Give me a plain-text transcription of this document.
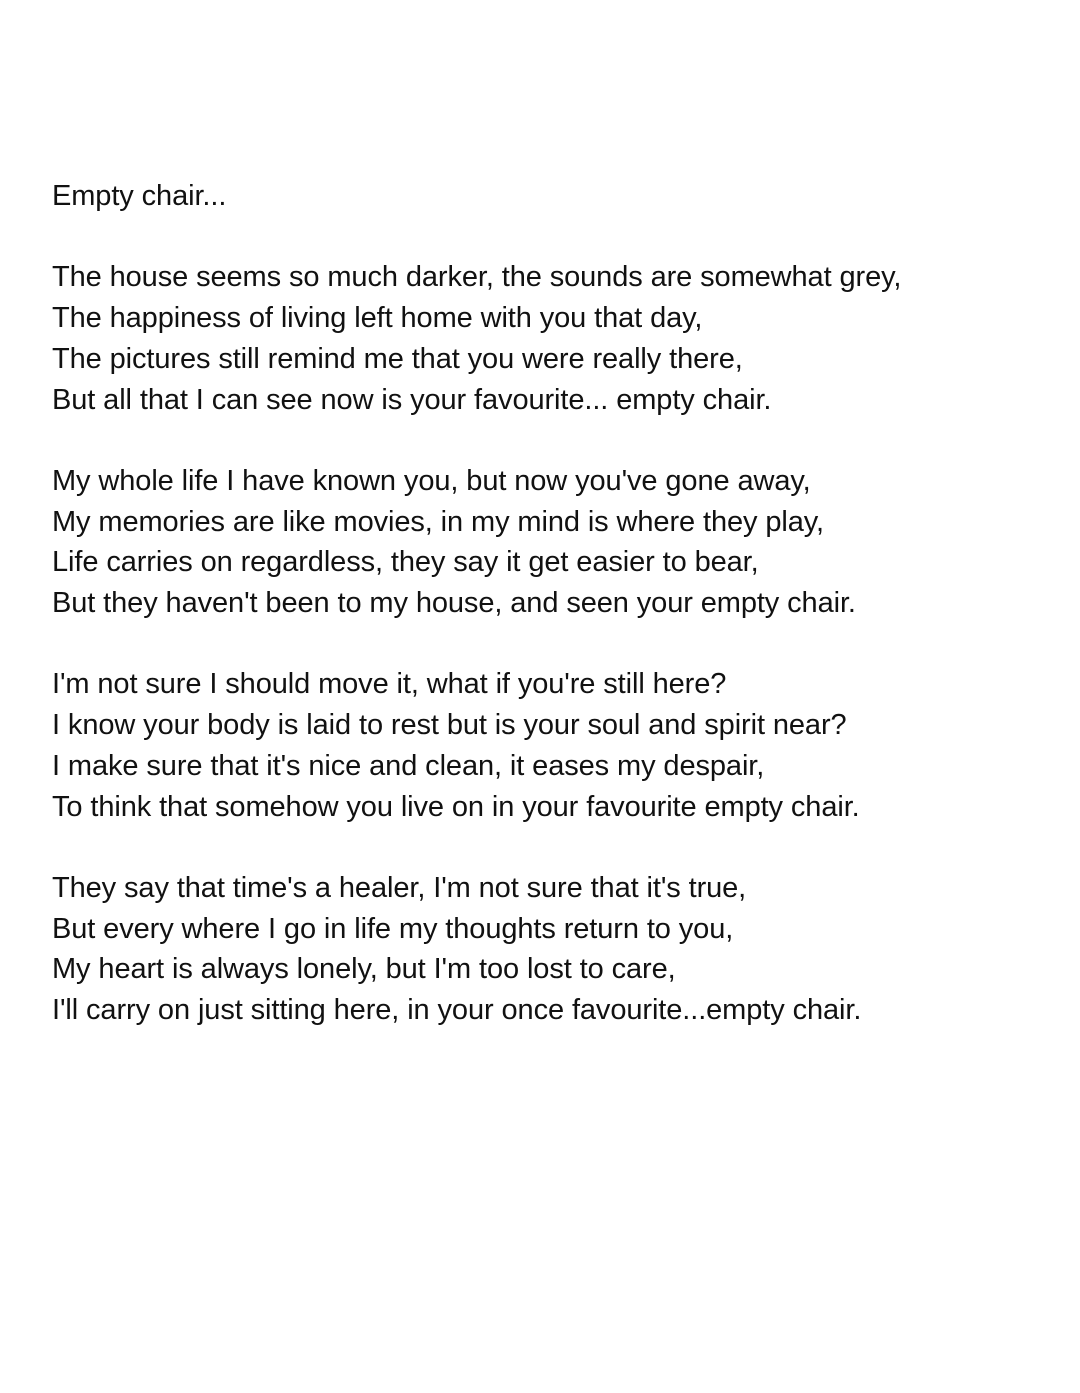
Empty chair...
The house seems so much darker, the sounds are somewhat grey,
The happiness of living left home with you that day,
The pictures still remind me that you were really there,
But all that I can see now is your favourite... empty chair.
My whole life I have known you, but now you've gone away,
My memories are like movies, in my mind is where they play,
Life carries on regardless, they say it get easier to bear,
But they haven't been to my house, and seen your empty chair.
I'm not sure I should move it, what if you're still here?
I know your body is laid to rest but is your soul and spirit near?
I make sure that it's nice and clean, it eases my despair,
To think that somehow you live on in your favourite empty chair.
They say that time's a healer, I'm not sure that it's true,
But every where I go in life my thoughts return to you,
My heart is always lonely, but I'm too lost to care,
I'll carry on just sitting here, in your once favourite...empty chair.
